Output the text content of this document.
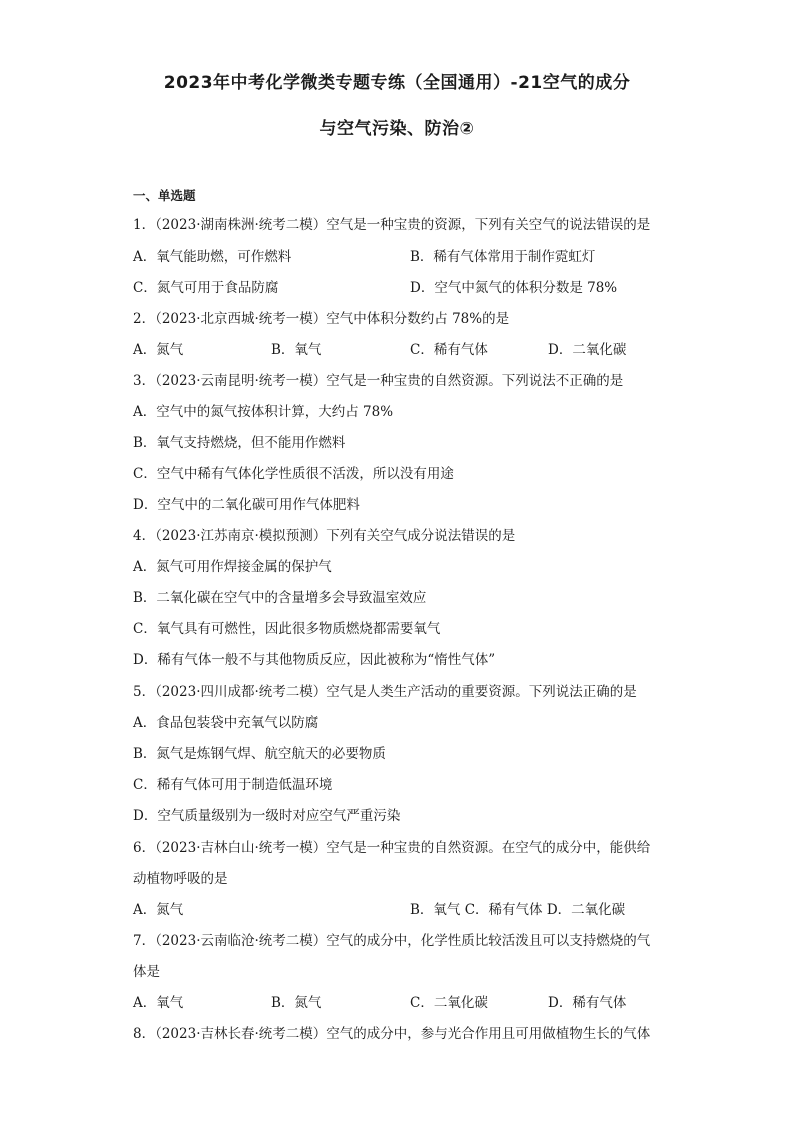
2023年中考化学微类专题专练（全国通用）-21空气的成分
与空气污染、防治②
一、单选题
1．（2023·湖南株洲·统考二模）空气是一种宝贵的资源，下列有关空气的说法错误的是
A．氧气能助燃，可作燃料	B．稀有气体常用于制作霓虹灯
C．氮气可用于食品防腐	D．空气中氮气的体积分数是 78%
2．（2023·北京西城·统考一模）空气中体积分数约占 78%的是
A．氮气	B．氧气	C．稀有气体	D．二氧化碳
3．（2023·云南昆明·统考一模）空气是一种宝贵的自然资源。下列说法不正确的是
A．空气中的氮气按体积计算，大约占 78%
B．氧气支持燃烧，但不能用作燃料
C．空气中稀有气体化学性质很不活泼，所以没有用途
D．空气中的二氧化碳可用作气体肥料
4．（2023·江苏南京·模拟预测）下列有关空气成分说法错误的是
A．氮气可用作焊接金属的保护气
B．二氧化碳在空气中的含量增多会导致温室效应
C．氧气具有可燃性，因此很多物质燃烧都需要氧气
D．稀有气体一般不与其他物质反应，因此被称为“惰性气体”
5．（2023·四川成都·统考二模）空气是人类生产活动的重要资源。下列说法正确的是
A．食品包装袋中充氧气以防腐
B．氮气是炼钢气焊、航空航天的必要物质
C．稀有气体可用于制造低温环境
D．空气质量级别为一级时对应空气严重污染
6．（2023·吉林白山·统考一模）空气是一种宝贵的自然资源。在空气的成分中，能供给
动植物呼吸的是
A．氮气	B．氧气 C．稀有气体 D．二氧化碳
7．（2023·云南临沧·统考二模）空气的成分中，化学性质比较活泼且可以支持燃烧的气
体是
A．氧气	B．氮气	C．二氧化碳	D．稀有气体
8．（2023·吉林长春·统考二模）空气的成分中，参与光合作用且可用做植物生长的气体
